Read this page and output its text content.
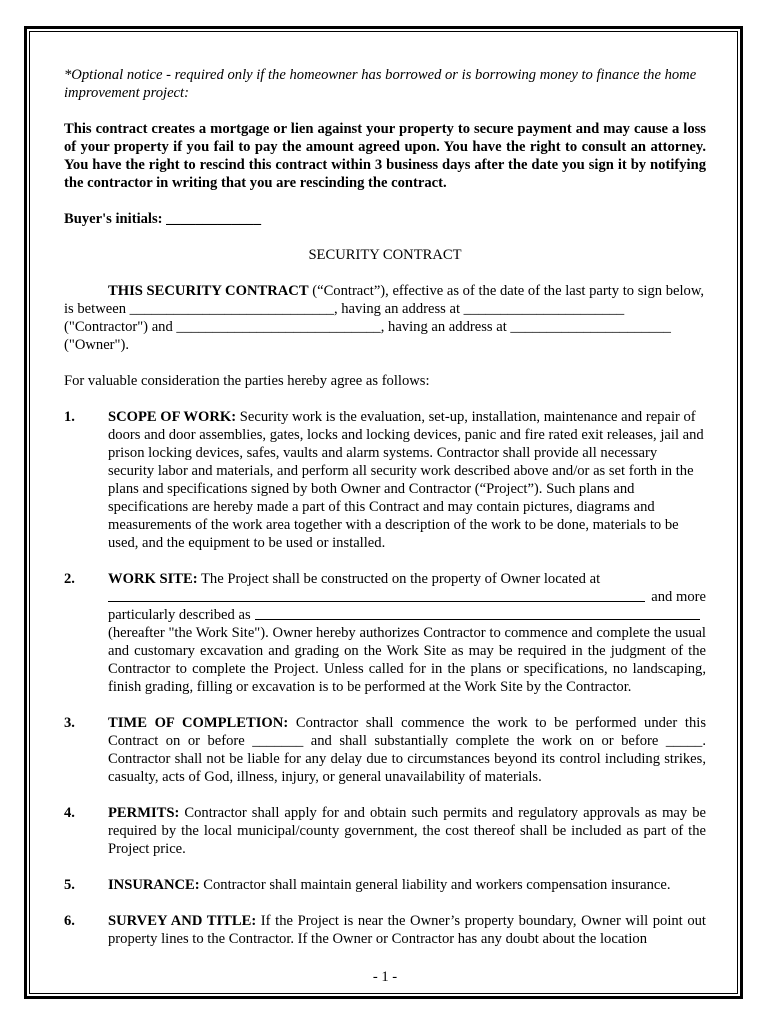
*Optional notice - required only if the homeowner has borrowed or is borrowing money to finance the home improvement project:

This contract creates a mortgage or lien against your property to secure payment and may cause a loss of your property if you fail to pay the amount agreed upon. You have the right to consult an attorney. You have the right to rescind this contract within 3 business days after the date you sign it by notifying the contractor in writing that you are rescinding the contract.

Buyer's initials: _____________

SECURITY CONTRACT

THIS SECURITY CONTRACT (“Contract”), effective as of the date of the last party to sign below, is between ____________________________, having an address at ______________________ ("Contractor") and ____________________________, having an address at ______________________ ("Owner").

For valuable consideration the parties hereby agree as follows:

1.	SCOPE OF WORK: Security work is the evaluation, set-up, installation, maintenance and repair of doors and door assemblies, gates, locks and locking devices, panic and fire rated exit releases, jail and prison locking devices, safes, vaults and alarm systems. Contractor shall provide all necessary security labor and materials, and perform all security work described above and/or as set forth in the plans and specifications signed by both Owner and Contractor (“Project”). Such plans and specifications are hereby made a part of this Contract and may contain pictures, diagrams and measurements of the work area together with a description of the work to be done, materials to be used, and the equipment to be used or installed.
2.	WORK SITE: The Project shall be constructed on the property of Owner located at
and more
particularly described as
(hereafter "the Work Site"). Owner hereby authorizes Contractor to commence and complete the usual and customary excavation and grading on the Work Site as may be required in the judgment of the Contractor to complete the Project. Unless called for in the plans or specifications, no landscaping, finish grading, filling or excavation is to be performed at the Work Site by the Contractor.
3.	TIME OF COMPLETION: Contractor shall commence the work to be performed under this Contract on or before _______ and shall substantially complete the work on or before _____. Contractor shall not be liable for any delay due to circumstances beyond its control including strikes, casualty, acts of God, illness, injury, or general unavailability of materials.
4.	PERMITS: Contractor shall apply for and obtain such permits and regulatory approvals as may be required by the local municipal/county government, the cost thereof shall be included as part of the Project price.
5.	INSURANCE: Contractor shall maintain general liability and workers compensation insurance.
6.	SURVEY AND TITLE: If the Project is near the Owner’s property boundary, Owner will point out property lines to the Contractor. If the Owner or Contractor has any doubt about the location
- 1 -
